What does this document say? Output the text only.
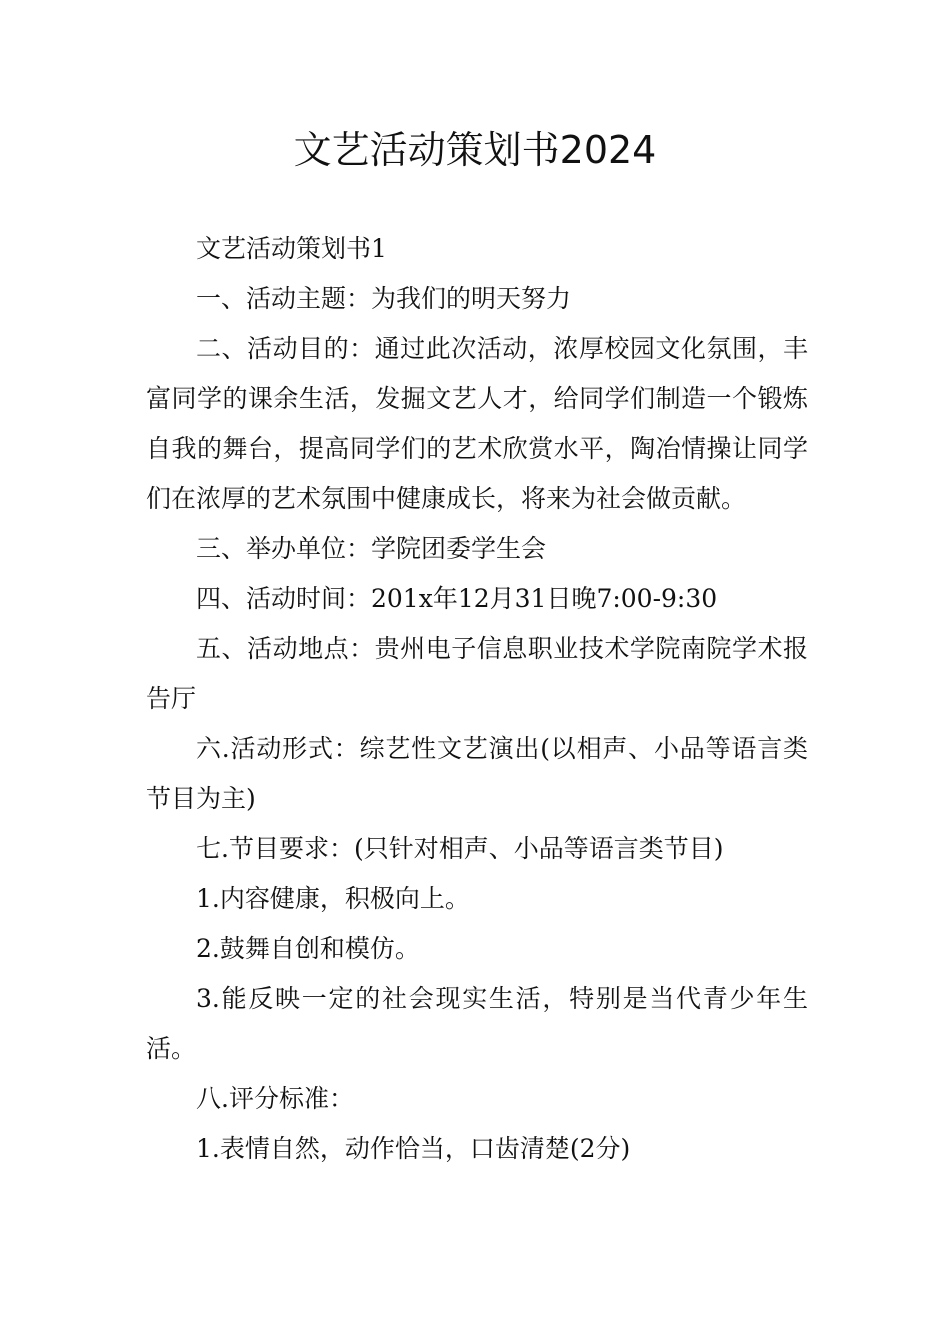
文艺活动策划书2024

文艺活动策划书1

一、活动主题：为我们的明天努力

二、活动目的：通过此次活动，浓厚校园文化氛围，丰富同学的课余生活，发掘文艺人才，给同学们制造一个锻炼自我的舞台，提高同学们的艺术欣赏水平，陶冶情操让同学们在浓厚的艺术氛围中健康成长，将来为社会做贡献。

三、举办单位：学院团委学生会

四、活动时间：201x年12月31日晚7:00-9:30

五、活动地点：贵州电子信息职业技术学院南院学术报告厅

六.活动形式：综艺性文艺演出(以相声、小品等语言类节目为主)

七.节目要求：(只针对相声、小品等语言类节目)

1.内容健康，积极向上。

2.鼓舞自创和模仿。

3.能反映一定的社会现实生活，特别是当代青少年生活。

八.评分标准：

1.表情自然，动作恰当，口齿清楚(2分)
